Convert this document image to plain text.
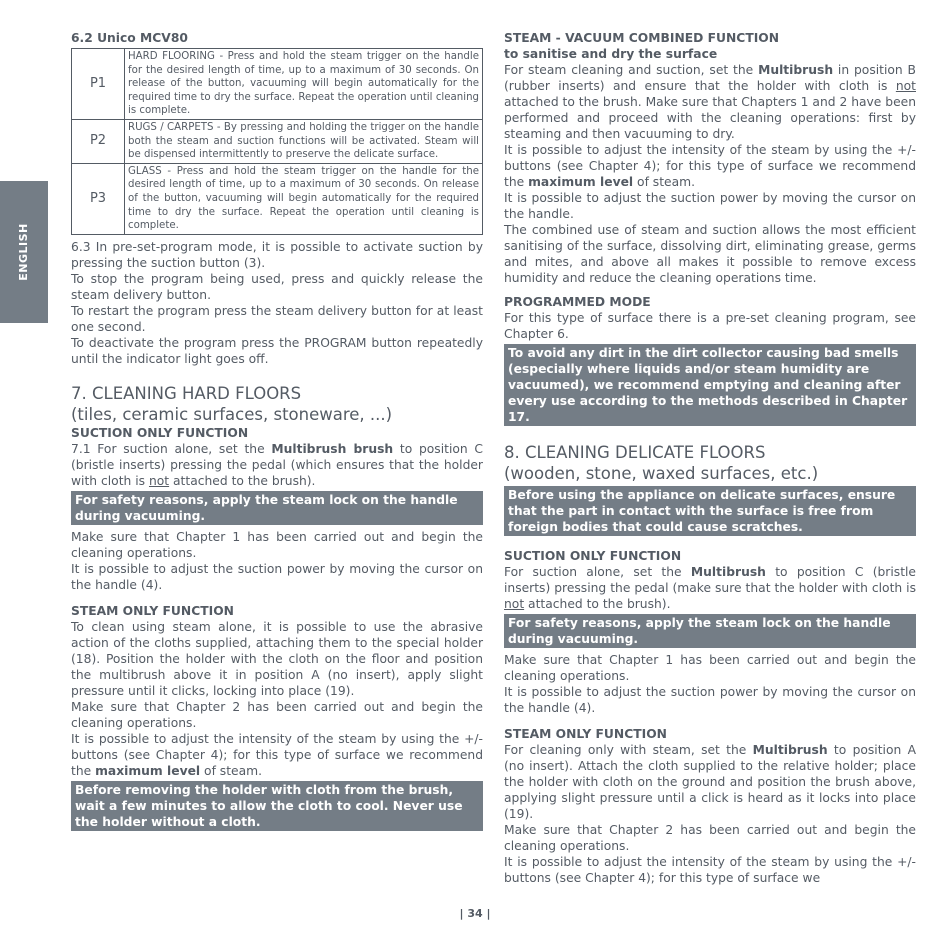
ENGLISH

6.2 Unico MCV80

P1	HARD FLOORING - Press and hold the steam trigger on the handle for the desired length of time, up to a maximum of 30 seconds. On release of the button, vacuuming will begin automatically for the required time to dry the surface. Repeat the operation until cleaning is complete.
P2	RUGS / CARPETS - By pressing and holding the trigger on the handle both the steam and suction functions will be activated. Steam will be dispensed intermittently to preserve the delicate surface.
P3	GLASS - Press and hold the steam trigger on the handle for the desired length of time, up to a maximum of 30 seconds. On release of the button, vacuuming will begin automatically for the required time to dry the surface. Repeat the operation until cleaning is complete.

6.3 In pre-set-program mode, it is possible to activate suction by pressing the suction button (3).

To stop the program being used, press and quickly release the steam delivery button.

To restart the program press the steam delivery button for at least one second.

To deactivate the program press the PROGRAM button repeatedly until the indicator light goes off.

7. CLEANING HARD FLOORS

(tiles, ceramic surfaces, stoneware, ...)

SUCTION ONLY FUNCTION

7.1 For suction alone, set the Multibrush brush to position C (bristle inserts) pressing the pedal (which ensures that the holder with cloth is not attached to the brush).

For safety reasons, apply the steam lock on the handle during vacuuming.

Make sure that Chapter 1 has been carried out and begin the cleaning operations.

It is possible to adjust the suction power by moving the cursor on the handle (4).

STEAM ONLY FUNCTION

To clean using steam alone, it is possible to use the abrasive action of the cloths supplied, attaching them to the special holder (18). Position the holder with the cloth on the floor and position the multibrush above it in position A (no insert), apply slight pressure until it clicks, locking into place (19).

Make sure that Chapter 2 has been carried out and begin the cleaning operations.

It is possible to adjust the intensity of the steam by using the +/- buttons (see Chapter 4); for this type of surface we recommend the maximum level of steam.

Before removing the holder with cloth from the brush, wait a few minutes to allow the cloth to cool. Never use the holder without a cloth.

STEAM - VACUUM COMBINED FUNCTION

to sanitise and dry the surface

For steam cleaning and suction, set the Multibrush in position B (rubber inserts) and ensure that the holder with cloth is not attached to the brush. Make sure that Chapters 1 and 2 have been performed and proceed with the cleaning operations: first by steaming and then vacuuming to dry.

It is possible to adjust the intensity of the steam by using the +/- buttons (see Chapter 4); for this type of surface we recommend the maximum level of steam.

It is possible to adjust the suction power by moving the cursor on the handle.

The combined use of steam and suction allows the most efficient sanitising of the surface, dissolving dirt, eliminating grease, germs and mites, and above all makes it possible to remove excess humidity and reduce the cleaning operations time.

PROGRAMMED MODE

For this type of surface there is a pre-set cleaning program, see Chapter 6.

To avoid any dirt in the dirt collector causing bad smells (especially where liquids and/or steam humidity are vacuumed), we recommend emptying and cleaning after every use according to the methods described in Chapter 17.

8. CLEANING DELICATE FLOORS

(wooden, stone, waxed surfaces, etc.)

Before using the appliance on delicate surfaces, ensure that the part in contact with the surface is free from foreign bodies that could cause scratches.

SUCTION ONLY FUNCTION

For suction alone, set the Multibrush to position C (bristle inserts) pressing the pedal (make sure that the holder with cloth is not attached to the brush).

For safety reasons, apply the steam lock on the handle during vacuuming.

Make sure that Chapter 1 has been carried out and begin the cleaning operations.

It is possible to adjust the suction power by moving the cursor on the handle (4).

STEAM ONLY FUNCTION

For cleaning only with steam, set the Multibrush to position A (no insert). Attach the cloth supplied to the relative holder; place the holder with cloth on the ground and position the brush above, applying slight pressure until a click is heard as it locks into place (19).

Make sure that Chapter 2 has been carried out and begin the cleaning operations.

It is possible to adjust the intensity of the steam by using the +/- buttons (see Chapter 4); for this type of surface we

| 34 |
